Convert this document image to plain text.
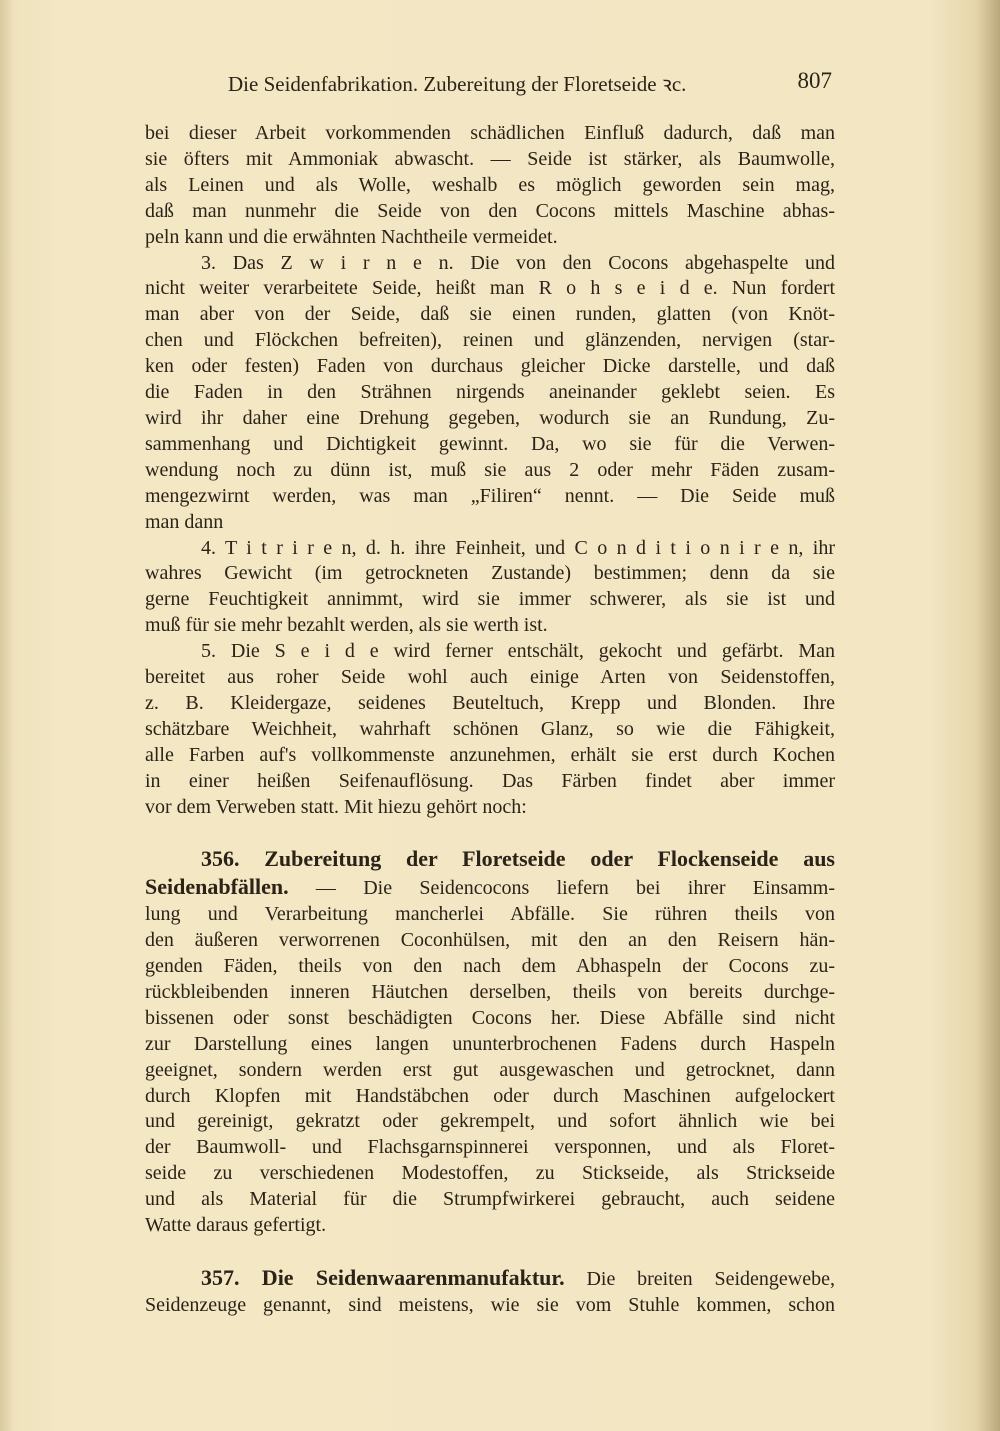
Die Seidenfabrikation. Zubereitung der Floretseide ꝛc.	807
bei dieser Arbeit vorkommenden schädlichen Einfluß dadurch, daß man
sie öfters mit Ammoniak abwascht. — Seide ist stärker, als Baumwolle,
als Leinen und als Wolle, weshalb es möglich geworden sein mag,
daß man nunmehr die Seide von den Cocons mittels Maschine abhas-
peln kann und die erwähnten Nachtheile vermeidet.
3. Das Z w i r n e n. Die von den Cocons abgehaspelte und
nicht weiter verarbeitete Seide, heißt man R o h s e i d e. Nun fordert
man aber von der Seide, daß sie einen runden, glatten (von Knöt-
chen und Flöckchen befreiten), reinen und glänzenden, nervigen (star-
ken oder festen) Faden von durchaus gleicher Dicke darstelle, und daß
die Faden in den Strähnen nirgends aneinander geklebt seien. Es
wird ihr daher eine Drehung gegeben, wodurch sie an Rundung, Zu-
sammenhang und Dichtigkeit gewinnt. Da, wo sie für die Verwen-
wendung noch zu dünn ist, muß sie aus 2 oder mehr Fäden zusam-
mengezwirnt werden, was man „Filiren“ nennt. — Die Seide muß
man dann
4. T i t r i r e n, d. h. ihre Feinheit, und C o n d i t i o n i r e n, ihr
wahres Gewicht (im getrockneten Zustande) bestimmen; denn da sie
gerne Feuchtigkeit annimmt, wird sie immer schwerer, als sie ist und
muß für sie mehr bezahlt werden, als sie werth ist.
5. Die S e i d e wird ferner entschält, gekocht und gefärbt. Man
bereitet aus roher Seide wohl auch einige Arten von Seidenstoffen,
z. B. Kleidergaze, seidenes Beuteltuch, Krepp und Blonden. Ihre
schätzbare Weichheit, wahrhaft schönen Glanz, so wie die Fähigkeit,
alle Farben auf's vollkommenste anzunehmen, erhält sie erst durch Kochen
in einer heißen Seifenauflösung. Das Färben findet aber immer
vor dem Verweben statt. Mit hiezu gehört noch:
356. Zubereitung der Floretseide oder Flockenseide aus
Seidenabfällen. — Die Seidencocons liefern bei ihrer Einsamm-
lung und Verarbeitung mancherlei Abfälle. Sie rühren theils von
den äußeren verworrenen Coconhülsen, mit den an den Reisern hän-
genden Fäden, theils von den nach dem Abhaspeln der Cocons zu-
rückbleibenden inneren Häutchen derselben, theils von bereits durchge-
bissenen oder sonst beschädigten Cocons her. Diese Abfälle sind nicht
zur Darstellung eines langen ununterbrochenen Fadens durch Haspeln
geeignet, sondern werden erst gut ausgewaschen und getrocknet, dann
durch Klopfen mit Handstäbchen oder durch Maschinen aufgelockert
und gereinigt, gekratzt oder gekrempelt, und sofort ähnlich wie bei
der Baumwoll- und Flachsgarnspinnerei versponnen, und als Floret-
seide zu verschiedenen Modestoffen, zu Stickseide, als Strickseide
und als Material für die Strumpfwirkerei gebraucht, auch seidene
Watte daraus gefertigt.
357. Die Seidenwaarenmanufaktur. Die breiten Seidengewebe,
Seidenzeuge genannt, sind meistens, wie sie vom Stuhle kommen, schon
